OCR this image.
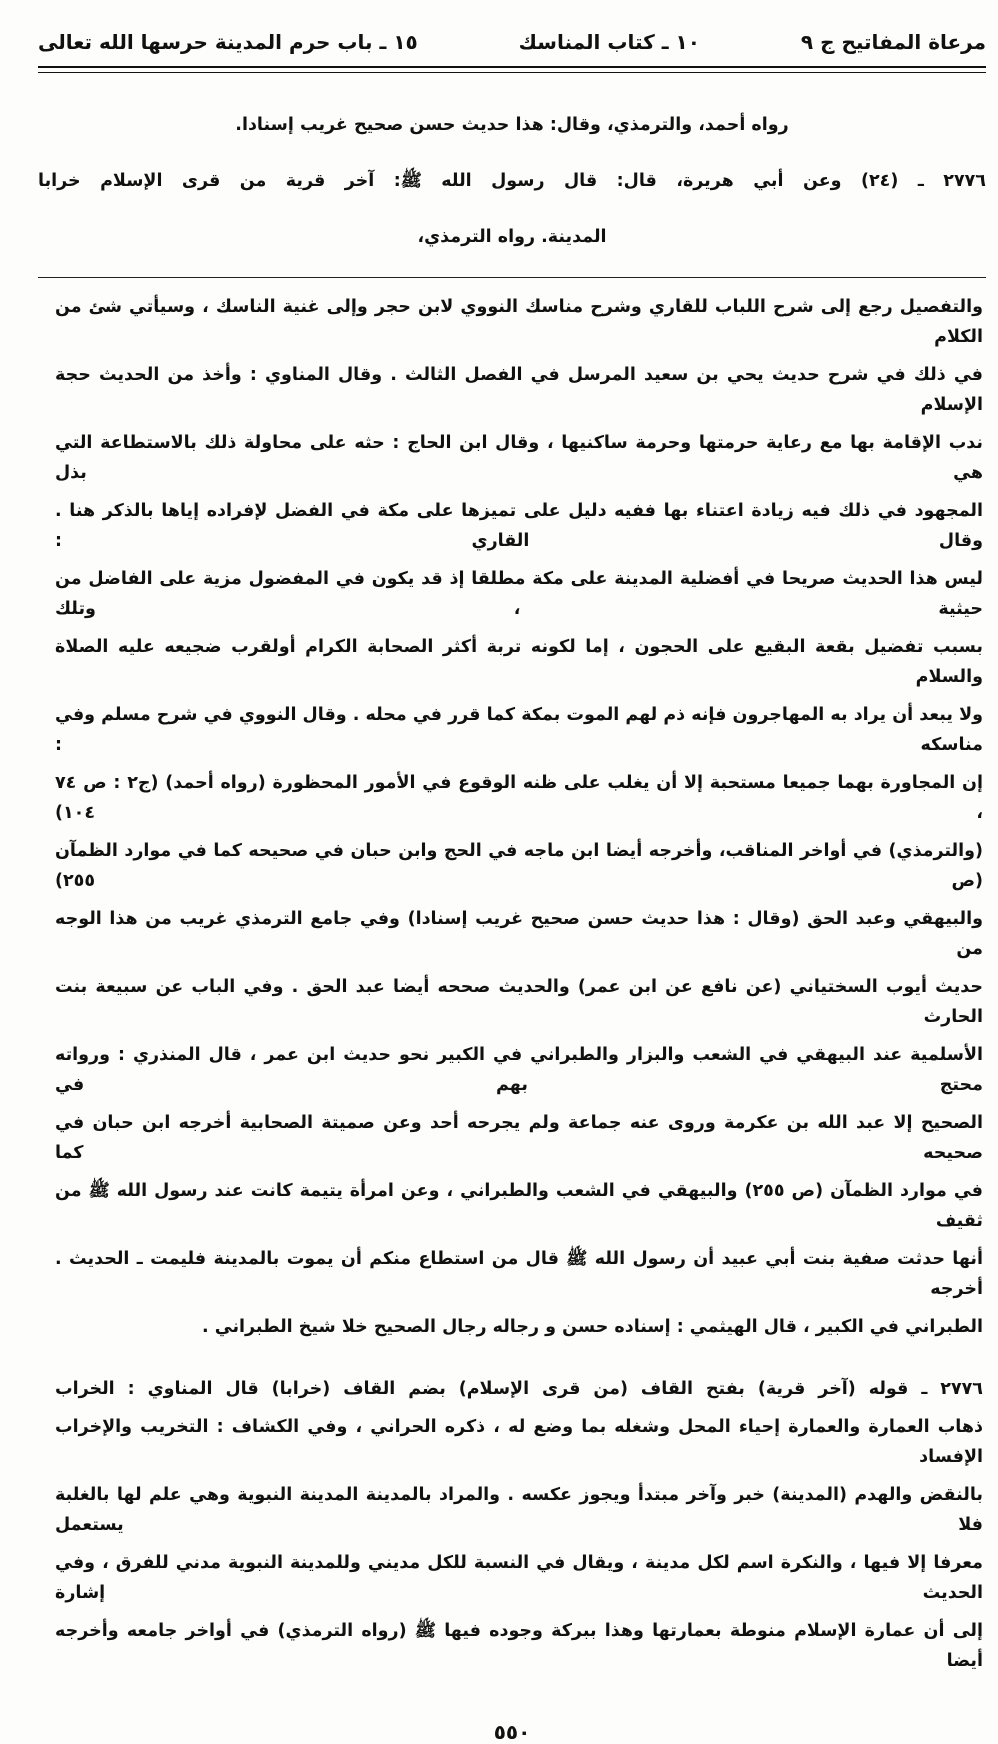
مرعاة المفاتيح ج ٩
١٠ ـ كتاب المناسك
١٥ ـ باب حرم المدينة حرسها الله تعالى
رواه أحمد، والترمذي، وقال: هذا حديث حسن صحيح غريب إسنادا.
٢٧٧٦ ـ (٢٤) وعن أبي هريرة، قال: قال رسول الله ﷺ: آخر قرية من قرى الإسلام خرابا
المدينة. رواه الترمذي،
والتفصيل رجع إلى شرح اللباب للقاري وشرح مناسك النووي لابن حجر وإلى غنية الناسك ، وسيأتي شئ من الكلام
في ذلك في شرح حديث يحي بن سعيد المرسل في الفصل الثالث . وقال المناوي : وأخذ من الحديث حجة الإسلام
ندب الإقامة بها مع رعاية حرمتها وحرمة ساكنيها ، وقال ابن الحاج : حثه على محاولة ذلك بالاستطاعة التي هي بذل
المجهود في ذلك فيه زيادة اعتناء بها ففيه دليل على تميزها على مكة في الفضل لإفراده إياها بالذكر هنا . وقال القاري :
ليس هذا الحديث صريحا في أفضلية المدينة على مكة مطلقا إذ قد يكون في المفضول مزية على الفاضل من حيثية ، وتلك
بسبب تفضيل بقعة البقيع على الحجون ، إما لكونه تربة أكثر الصحابة الكرام أولقرب ضجيعه عليه الصلاة والسلام
ولا يبعد أن يراد به المهاجرون فإنه ذم لهم الموت بمكة كما قرر في محله . وقال النووي في شرح مسلم وفي مناسكه :
إن المجاورة بهما جميعا مستحبة إلا أن يغلب على ظنه الوقوع في الأمور المحظورة (رواه أحمد) (ج٢ : ص ٧٤ ، ١٠٤)
(والترمذي) في أواخر المناقب، وأخرجه أيضا ابن ماجه في الحج وابن حبان في صحيحه كما في موارد الظمآن (ص ٢٥٥)
والبيهقي وعبد الحق (وقال : هذا حديث حسن صحيح غريب إسنادا) وفي جامع الترمذي غريب من هذا الوجه من
حديث أيوب السختياني (عن نافع عن ابن عمر) والحديث صححه أيضا عبد الحق . وفي الباب عن سبيعة بنت الحارث
الأسلمية عند البيهقي في الشعب والبزار والطبراني في الكبير نحو حديث ابن عمر ، قال المنذري : ورواته محتج بهم في
الصحيح إلا عبد الله بن عكرمة وروى عنه جماعة ولم يجرحه أحد وعن صميتة الصحابية أخرجه ابن حبان في صحيحه كما
في موارد الظمآن (ص ٢٥٥) والبيهقي في الشعب والطبراني ، وعن امرأة يتيمة كانت عند رسول الله ﷺ من ثقيف
أنها حدثت صفية بنت أبي عبيد أن رسول الله ﷺ قال من استطاع منكم أن يموت بالمدينة فليمت ـ الحديث . أخرجه
الطبراني في الكبير ، قال الهيثمي : إسناده حسن و رجاله رجال الصحيح خلا شيخ الطبراني .
٢٧٧٦ ـ قوله (آخر قرية) بفتح القاف (من قرى الإسلام) بضم القاف (خرابا) قال المناوي : الخراب
ذهاب العمارة والعمارة إحياء المحل وشغله بما وضع له ، ذكره الحراني ، وفي الكشاف : التخريب والإخراب الإفساد
بالنقض والهدم (المدينة) خبر وآخر مبتدأ ويجوز عكسه . والمراد بالمدينة المدينة النبوية وهي علم لها بالغلبة فلا يستعمل
معرفا إلا فيها ، والنكرة اسم لكل مدينة ، ويقال في النسبة للكل مديني وللمدينة النبوية مدني للفرق ، وفي الحديث إشارة
إلى أن عمارة الإسلام منوطة بعمارتها وهذا ببركة وجوده فيها ﷺ (رواه الترمذي) في أواخر جامعه وأخرجه أيضا
٥٥٠
